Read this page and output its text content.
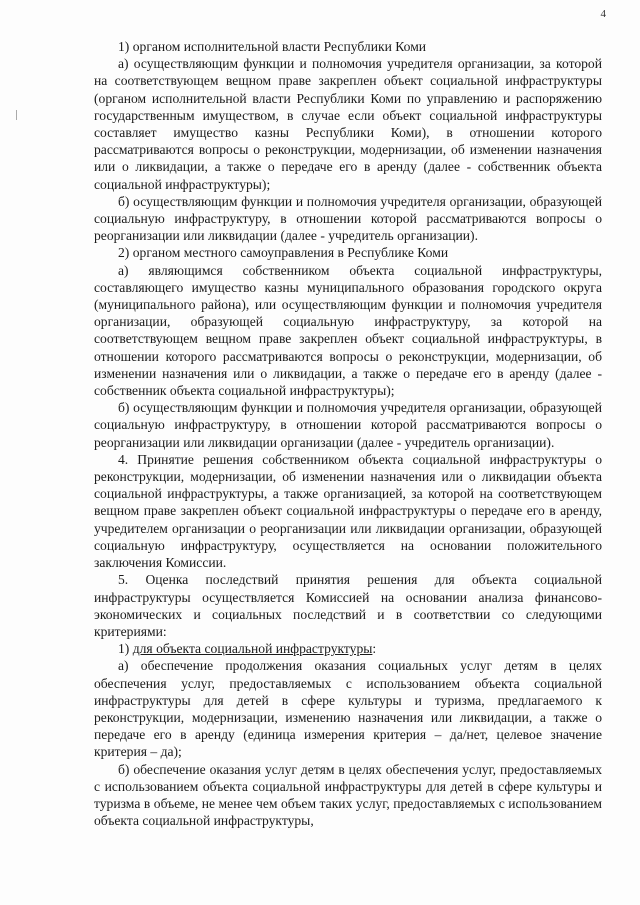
4

1) органом исполнительной власти Республики Коми

а) осуществляющим функции и полномочия учредителя организации, за которой на соответствующем вещном праве закреплен объект социальной инфраструктуры (органом исполнительной власти Республики Коми по управлению и распоряжению государственным имуществом, в случае если объект социальной инфраструктуры составляет имущество казны Республики Коми), в отношении которого рассматриваются вопросы о реконструкции, модернизации, об изменении назначения или о ликвидации, а также о передаче его в аренду (далее - собственник объекта социальной инфраструктуры);

б) осуществляющим функции и полномочия учредителя организации, образующей социальную инфраструктуру, в отношении которой рассматриваются вопросы о реорганизации или ликвидации (далее - учредитель организации).

2) органом местного самоуправления в Республике Коми

а) являющимся собственником объекта социальной инфраструктуры, составляющего имущество казны муниципального образования городского округа (муниципального района), или осуществляющим функции и полномочия учредителя организации, образующей социальную инфраструктуру, за которой на соответствующем вещном праве закреплен объект социальной инфраструктуры, в отношении которого рассматриваются вопросы о реконструкции, модернизации, об изменении назначения или о ликвидации, а также о передаче его в аренду (далее - собственник объекта социальной инфраструктуры);

б) осуществляющим функции и полномочия учредителя организации, образующей социальную инфраструктуру, в отношении которой рассматриваются вопросы о реорганизации или ликвидации организации (далее - учредитель организации).

4. Принятие решения собственником объекта социальной инфраструктуры о реконструкции, модернизации, об изменении назначения или о ликвидации объекта социальной инфраструктуры, а также организацией, за которой на соответствующем вещном праве закреплен объект социальной инфраструктуры о передаче его в аренду, учредителем организации о реорганизации или ликвидации организации, образующей социальную инфраструктуру, осуществляется на основании положительного заключения Комиссии.

5. Оценка последствий принятия решения для объекта социальной инфраструктуры осуществляется Комиссией на основании анализа финансово-экономических и социальных последствий и в соответствии со следующими критериями:

1) для объекта социальной инфраструктуры:

а) обеспечение продолжения оказания социальных услуг детям в целях обеспечения услуг, предоставляемых с использованием объекта социальной инфраструктуры для детей в сфере культуры и туризма, предлагаемого к реконструкции, модернизации, изменению назначения или ликвидации, а также о передаче его в аренду (единица измерения критерия – да/нет, целевое значение критерия – да);

б) обеспечение оказания услуг детям в целях обеспечения услуг, предоставляемых с использованием объекта социальной инфраструктуры для детей в сфере культуры и туризма в объеме, не менее чем объем таких услуг, предоставляемых с использованием объекта социальной инфраструктуры,
